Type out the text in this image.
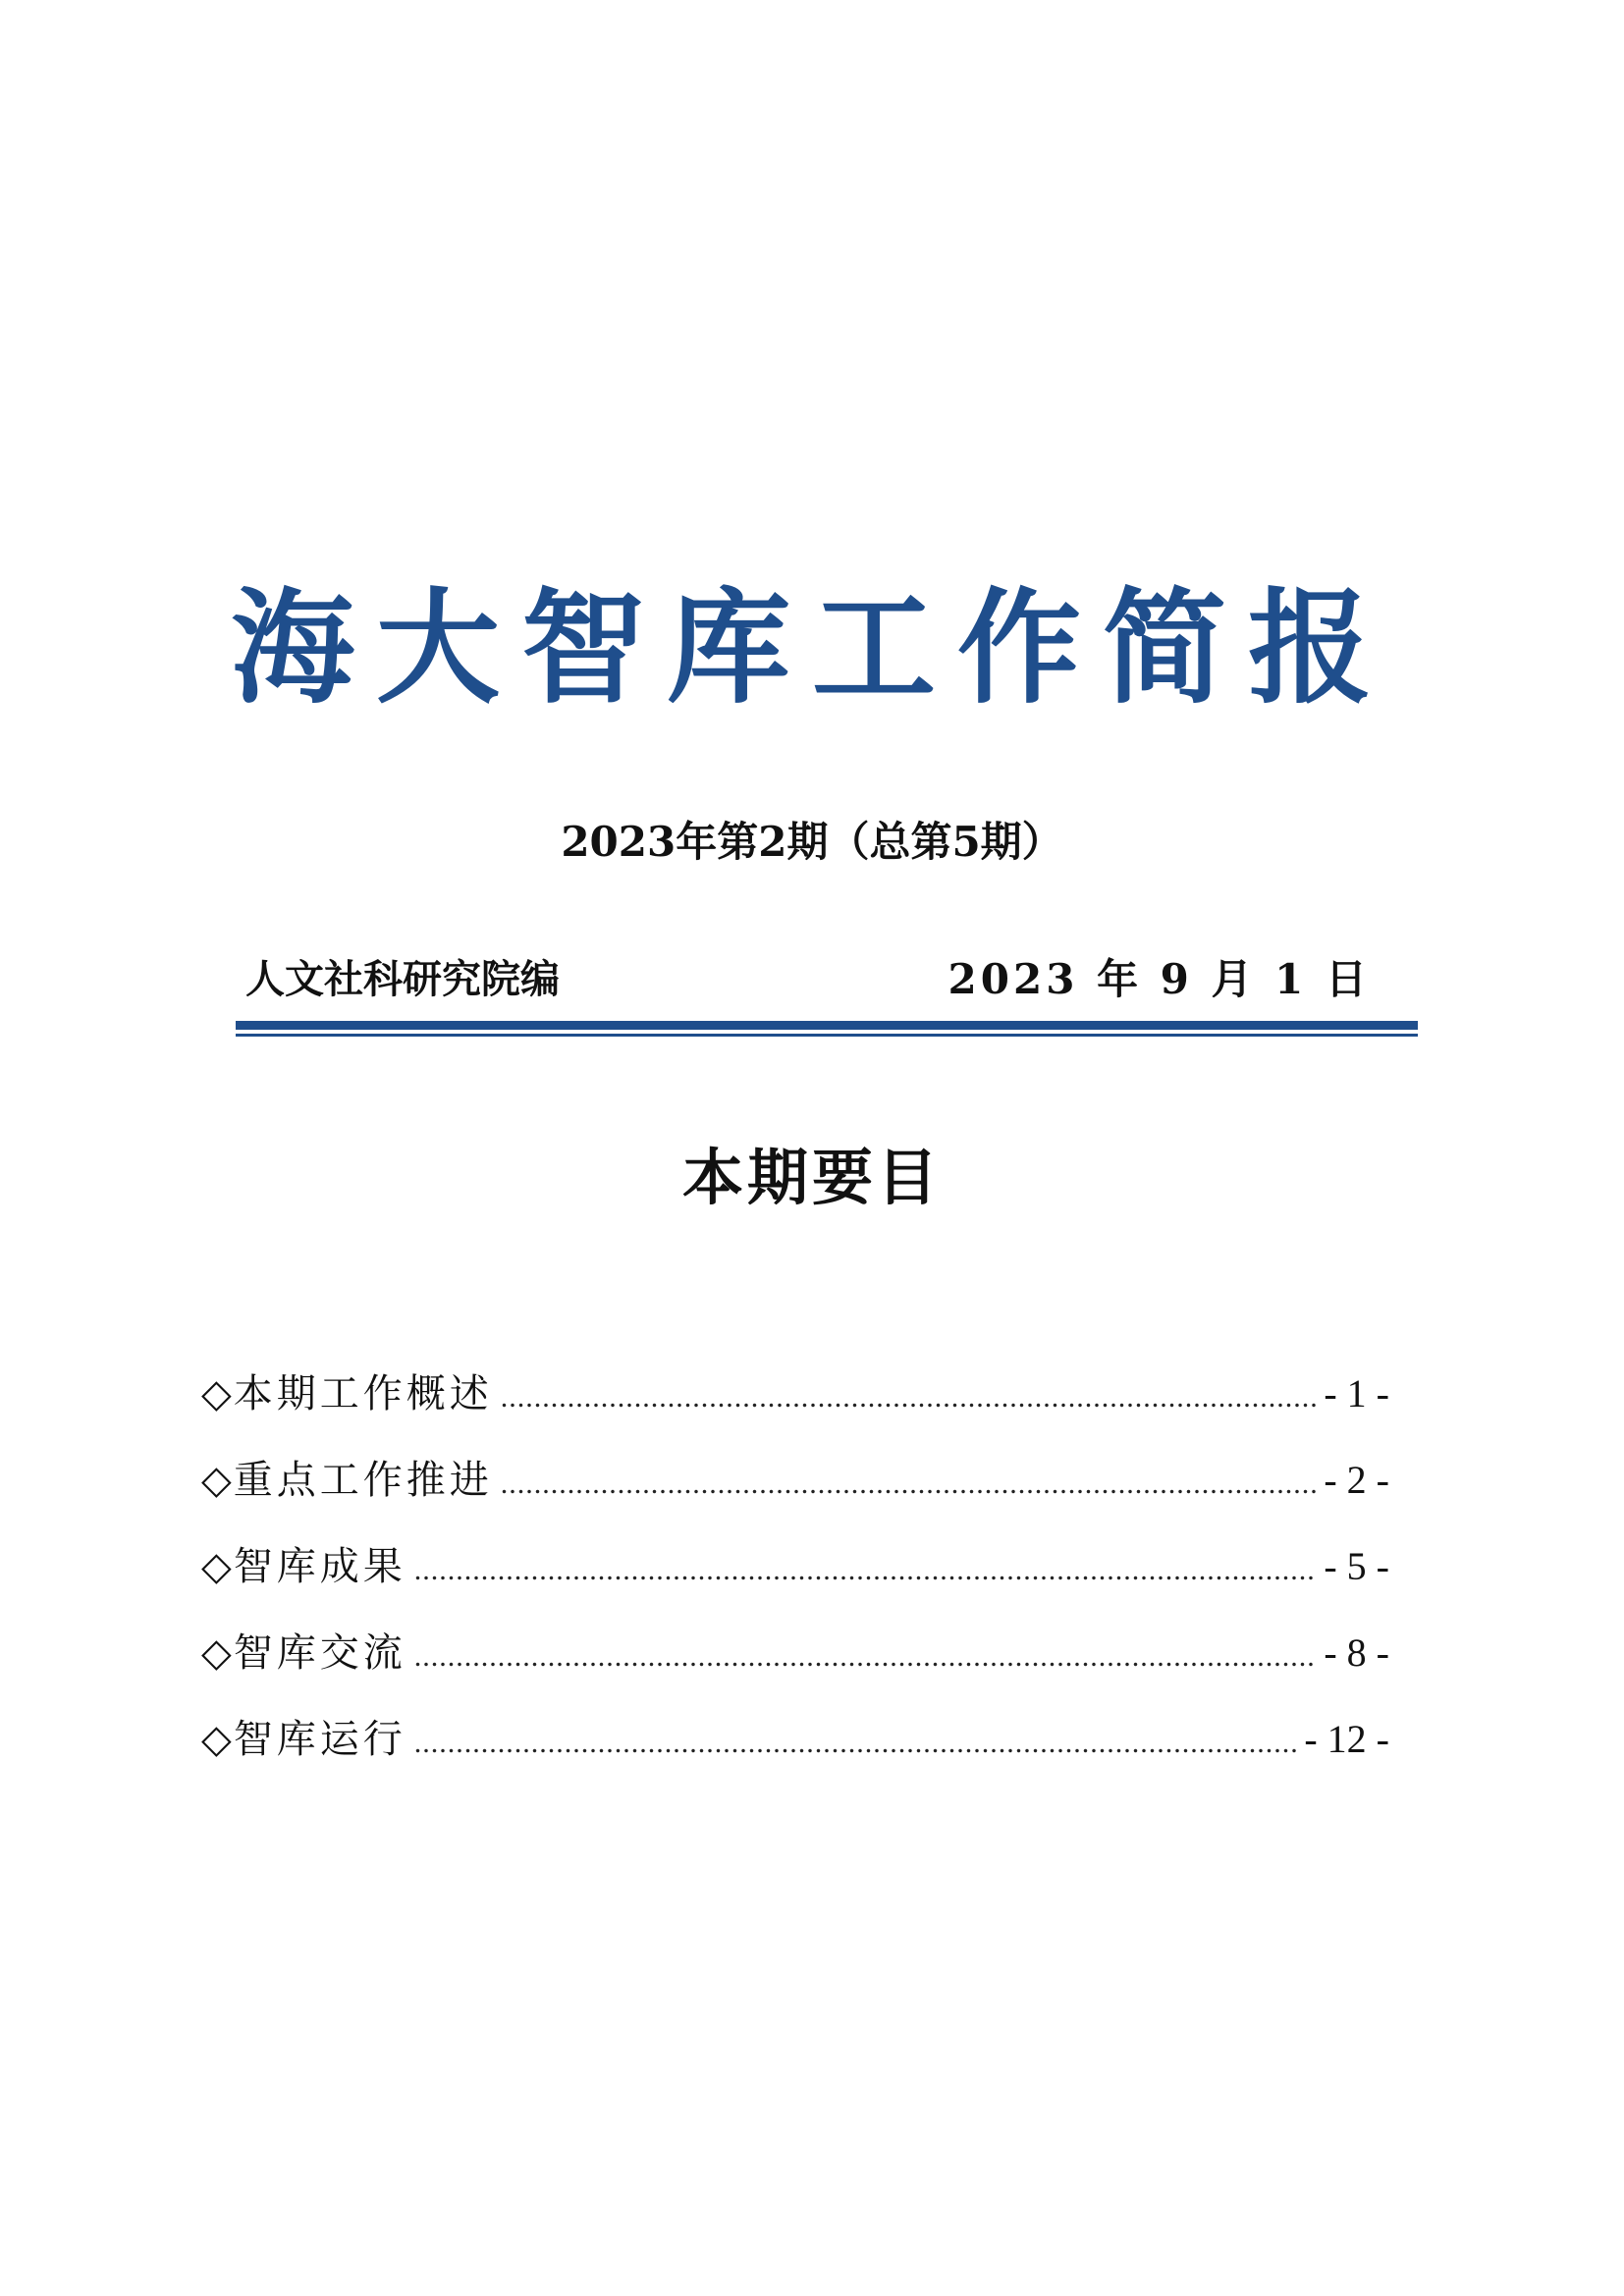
海大智库工作简报
2023年第2期（总第5期）
人文社科研究院编	2023 年 9 月 1 日
本期要目
◇ 本期工作概述 .....	- 1 -
◇ 重点工作推进 .....	- 2 -
◇ 智库成果 .....	- 5 -
◇ 智库交流 .....	- 8 -
◇ 智库运行 .....	- 12 -
